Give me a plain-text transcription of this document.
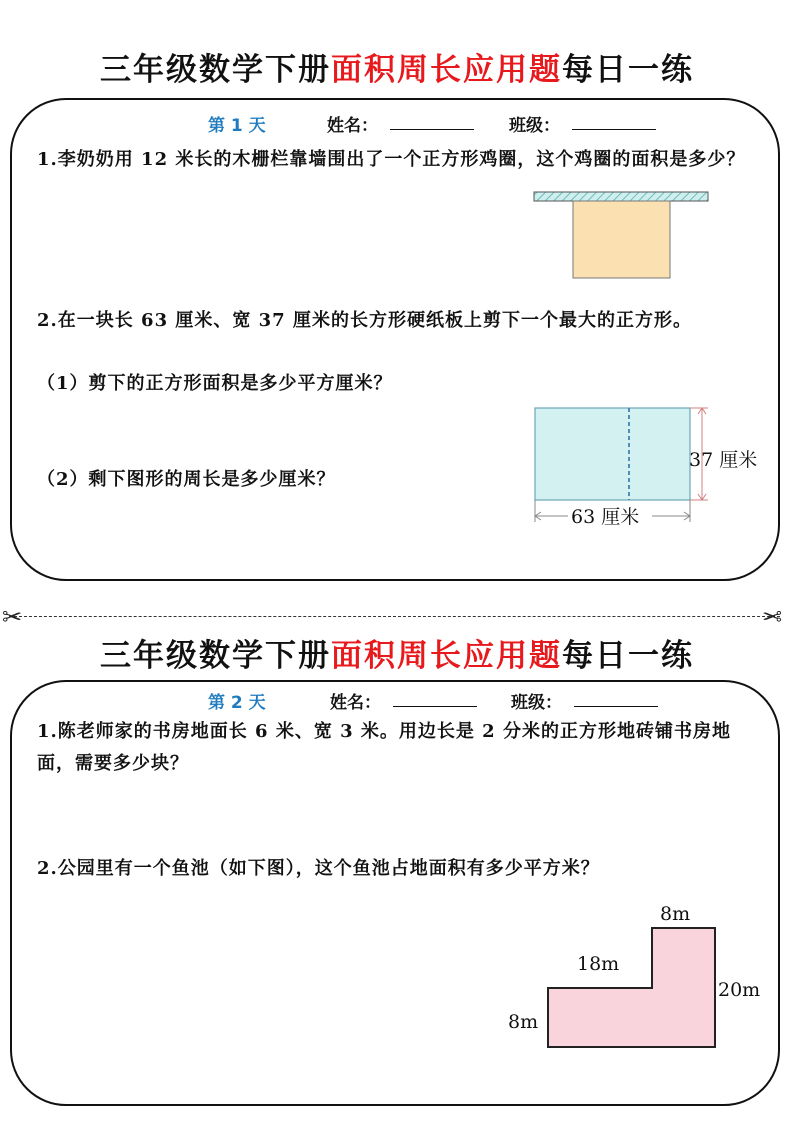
三年级数学下册面积周长应用题每日一练
第 1 天	姓名：	班级：
1.李奶奶用 12 米长的木栅栏靠墙围出了一个正方形鸡圈，这个鸡圈的面积是多少？
2.在一块长 63 厘米、宽 37 厘米的长方形硬纸板上剪下一个最大的正方形。
（1）剪下的正方形面积是多少平方厘米？
（2）剩下图形的周长是多少厘米？
37 厘米
63 厘米
✂	✂
三年级数学下册面积周长应用题每日一练
第 2 天	姓名：	班级：
1.陈老师家的书房地面长 6 米、宽 3 米。用边长是 2 分米的正方形地砖铺书房地面，需要多少块？
2.公园里有一个鱼池（如下图），这个鱼池占地面积有多少平方米？
8m
18m
20m
8m
